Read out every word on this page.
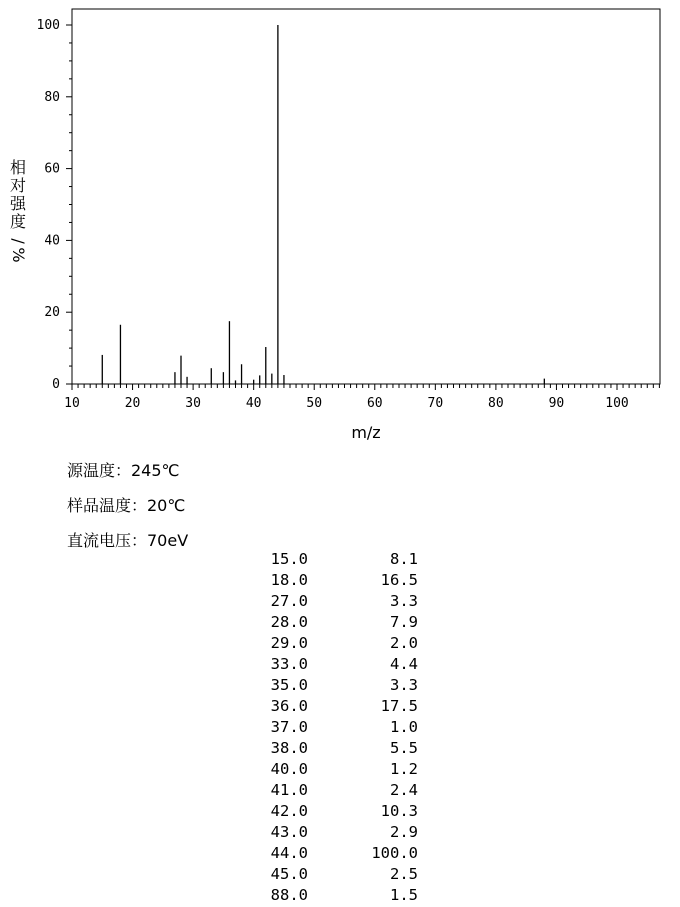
10	20	30	40	50	60	70	80	90	100
0
20
40
60
80
100
m/z
相
对
强
度
/
%
源温度：245℃
样品温度：20℃
直流电压：70eV
15.0	8.1
18.0	16.5
27.0	3.3
28.0	7.9
29.0	2.0
33.0	4.4
35.0	3.3
36.0	17.5
37.0	1.0
38.0	5.5
40.0	1.2
41.0	2.4
42.0	10.3
43.0	2.9
44.0	100.0
45.0	2.5
88.0	1.5
